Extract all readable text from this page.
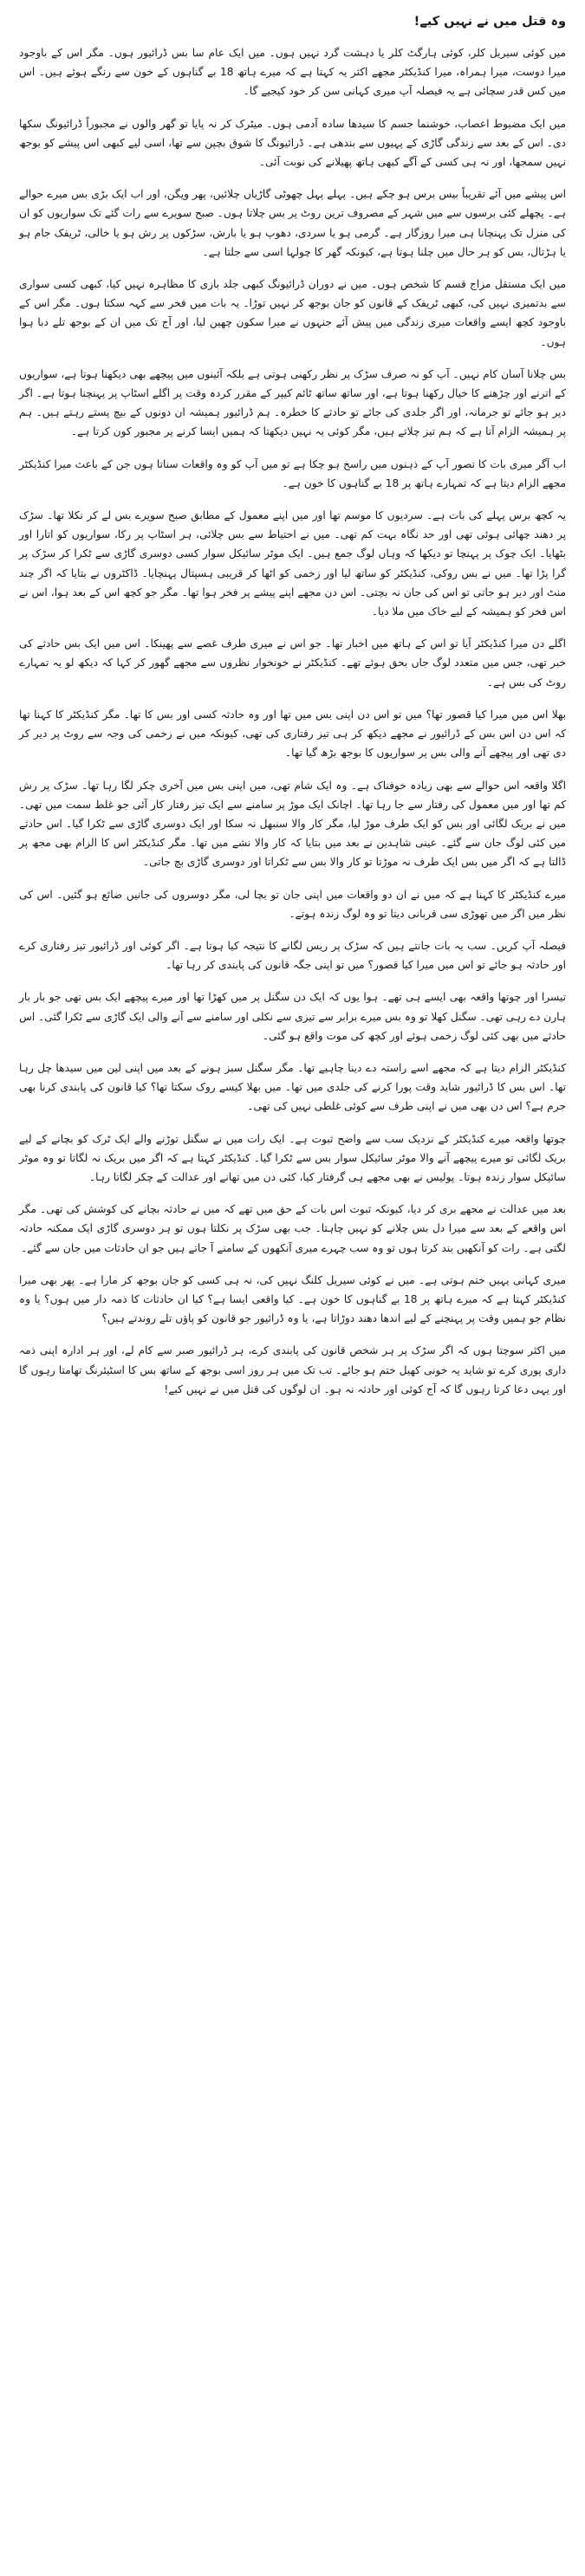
وہ قتل میں نے نہیں کیے!

میں کوئی سیریل کلر، کوئی ہارگٹ کلر یا دہشت گرد نہیں ہوں۔ میں ایک عام سا بس ڈرائیور ہوں۔ مگر اس کے باوجود میرا دوست، میرا ہمراہ، میرا کنڈیکٹر مجھے اکثر یہ کہتا ہے کہ میرے ہاتھ 18 بے گناہوں کے خون سے رنگے ہوئے ہیں۔ اس میں کس قدر سچائی ہے یہ فیصلہ آپ میری کہانی سن کر خود کیجیے گا۔

میں ایک مضبوط اعصاب، خوشنما جسم کا سیدھا سادہ آدمی ہوں۔ میٹرک کر نہ پایا تو گھر والوں نے مجبوراً ڈرائیونگ سکھا دی۔ اس کے بعد سے زندگی گاڑی کے پہیوں سے بندھی ہے۔ ڈرائیونگ کا شوق بچپن سے تھا، اسی لیے کبھی اس پیشے کو بوجھ نہیں سمجھا، اور نہ ہی کسی کے آگے کبھی ہاتھ پھیلانے کی نوبت آئی۔

اس پیشے میں آئے تقریباً بیس برس ہو چکے ہیں۔ پہلے پہل چھوٹی گاڑیاں چلائیں، پھر ویگن، اور اب ایک بڑی بس میرے حوالے ہے۔ پچھلے کئی برسوں سے میں شہر کے مصروف ترین روٹ پر بس چلاتا ہوں۔ صبح سویرے سے رات گئے تک سواریوں کو ان کی منزل تک پہنچانا ہی میرا روزگار ہے۔ گرمی ہو یا سردی، دھوپ ہو یا بارش، سڑکوں پر رش ہو یا خالی، ٹریفک جام ہو یا ہڑتال، بس کو ہر حال میں چلنا ہوتا ہے، کیونکہ گھر کا چولہا اسی سے جلتا ہے۔

میں ایک مستقل مزاج قسم کا شخص ہوں۔ میں نے دوران ڈرائیونگ کبھی جلد بازی کا مظاہرہ نہیں کیا، کبھی کسی سواری سے بدتمیزی نہیں کی، کبھی ٹریفک کے قانون کو جان بوجھ کر نہیں توڑا۔ یہ بات میں فخر سے کہہ سکتا ہوں۔ مگر اس کے باوجود کچھ ایسے واقعات میری زندگی میں پیش آئے جنہوں نے میرا سکون چھین لیا، اور آج تک میں ان کے بوجھ تلے دبا ہوا ہوں۔

بس چلانا آسان کام نہیں۔ آپ کو نہ صرف سڑک پر نظر رکھنی ہوتی ہے بلکہ آئینوں میں پیچھے بھی دیکھنا ہوتا ہے، سواریوں کے اترنے اور چڑھنے کا خیال رکھنا ہوتا ہے، اور ساتھ ساتھ ٹائم کیپر کے مقرر کردہ وقت پر اگلے اسٹاپ پر پہنچنا ہوتا ہے۔ اگر دیر ہو جائے تو جرمانہ، اور اگر جلدی کی جائے تو حادثے کا خطرہ۔ ہم ڈرائیور ہمیشہ ان دونوں کے بیچ پستے رہتے ہیں۔ ہم پر ہمیشہ الزام آتا ہے کہ ہم تیز چلاتے ہیں، مگر کوئی یہ نہیں دیکھتا کہ ہمیں ایسا کرنے پر مجبور کون کرتا ہے۔

اب آگر میری بات کا تصور آپ کے ذہنوں میں راسخ ہو چکا ہے تو میں آپ کو وہ واقعات سناتا ہوں جن کے باعث میرا کنڈیکٹر مجھے الزام دیتا ہے کہ تمہارے ہاتھ پر 18 بے گناہوں کا خون ہے۔

یہ کچھ برس پہلے کی بات ہے۔ سردیوں کا موسم تھا اور میں اپنے معمول کے مطابق صبح سویرے بس لے کر نکلا تھا۔ سڑک پر دھند چھائی ہوئی تھی اور حد نگاہ بہت کم تھی۔ میں نے احتیاط سے بس چلائی، ہر اسٹاپ پر رکا، سواریوں کو اتارا اور بٹھایا۔ ایک چوک پر پہنچا تو دیکھا کہ وہاں لوگ جمع ہیں۔ ایک موٹر سائیکل سوار کسی دوسری گاڑی سے ٹکرا کر سڑک پر گرا پڑا تھا۔ میں نے بس روکی، کنڈیکٹر کو ساتھ لیا اور زخمی کو اٹھا کر قریبی ہسپتال پہنچایا۔ ڈاکٹروں نے بتایا کہ اگر چند منٹ اور دیر ہو جاتی تو اس کی جان نہ بچتی۔ اس دن مجھے اپنے پیشے پر فخر ہوا تھا۔ مگر جو کچھ اس کے بعد ہوا، اس نے اس فخر کو ہمیشہ کے لیے خاک میں ملا دیا۔

اگلے دن میرا کنڈیکٹر آیا تو اس کے ہاتھ میں اخبار تھا۔ جو اس نے میری طرف غصے سے پھینکا۔ اس میں ایک بس حادثے کی خبر تھی، جس میں متعدد لوگ جاں بحق ہوئے تھے۔ کنڈیکٹر نے خونخوار نظروں سے مجھے گھور کر کہا کہ دیکھ لو یہ تمہارے روٹ کی بس ہے۔

بھلا اس میں میرا کیا قصور تھا؟ میں تو اس دن اپنی بس میں تھا اور وہ حادثہ کسی اور بس کا تھا۔ مگر کنڈیکٹر کا کہنا تھا کہ اس دن اس بس کے ڈرائیور نے مجھے دیکھ کر ہی تیز رفتاری کی تھی، کیونکہ میں نے زخمی کی وجہ سے روٹ پر دیر کر دی تھی اور پیچھے آنے والی بس پر سواریوں کا بوجھ بڑھ گیا تھا۔

اگلا واقعہ اس حوالے سے بھی زیادہ خوفناک ہے۔ وہ ایک شام تھی، میں اپنی بس میں آخری چکر لگا رہا تھا۔ سڑک پر رش کم تھا اور میں معمول کی رفتار سے جا رہا تھا۔ اچانک ایک موڑ پر سامنے سے ایک تیز رفتار کار آئی جو غلط سمت میں تھی۔ میں نے بریک لگائی اور بس کو ایک طرف موڑ لیا، مگر کار والا سنبھل نہ سکا اور ایک دوسری گاڑی سے ٹکرا گیا۔ اس حادثے میں کئی لوگ جان سے گئے۔ عینی شاہدین نے بعد میں بتایا کہ کار والا نشے میں تھا۔ مگر کنڈیکٹر اس کا الزام بھی مجھ پر ڈالتا ہے کہ اگر میں بس ایک طرف نہ موڑتا تو کار والا بس سے ٹکراتا اور دوسری گاڑی بچ جاتی۔

میرے کنڈیکٹر کا کہنا ہے کہ میں نے ان دو واقعات میں اپنی جان تو بچا لی، مگر دوسروں کی جانیں ضائع ہو گئیں۔ اس کی نظر میں اگر میں تھوڑی سی قربانی دیتا تو وہ لوگ زندہ ہوتے۔

فیصلہ آپ کریں۔ سب یہ بات جانتے ہیں کہ سڑک پر ریس لگانے کا نتیجہ کیا ہوتا ہے۔ اگر کوئی اور ڈرائیور تیز رفتاری کرے اور حادثہ ہو جائے تو اس میں میرا کیا قصور؟ میں تو اپنی جگہ قانون کی پابندی کر رہا تھا۔

تیسرا اور چوتھا واقعہ بھی ایسے ہی تھے۔ ہوا یوں کہ ایک دن سگنل پر میں کھڑا تھا اور میرے پیچھے ایک بس تھی جو بار بار ہارن دے رہی تھی۔ سگنل کھلا تو وہ بس میرے برابر سے تیزی سے نکلی اور سامنے سے آنے والی ایک گاڑی سے ٹکرا گئی۔ اس حادثے میں بھی کئی لوگ زخمی ہوئے اور کچھ کی موت واقع ہو گئی۔

کنڈیکٹر الزام دیتا ہے کہ مجھے اسے راستہ دے دینا چاہیے تھا۔ مگر سگنل سبز ہونے کے بعد میں اپنی لین میں سیدھا چل رہا تھا۔ اس بس کا ڈرائیور شاید وقت پورا کرنے کی جلدی میں تھا۔ میں بھلا کیسے روک سکتا تھا؟ کیا قانون کی پابندی کرنا بھی جرم ہے؟ اس دن بھی میں نے اپنی طرف سے کوئی غلطی نہیں کی تھی۔

چوتھا واقعہ میرے کنڈیکٹر کے نزدیک سب سے واضح ثبوت ہے۔ ایک رات میں نے سگنل توڑنے والے ایک ٹرک کو بچانے کے لیے بریک لگائی تو میرے پیچھے آنے والا موٹر سائیکل سوار بس سے ٹکرا گیا۔ کنڈیکٹر کہتا ہے کہ اگر میں بریک نہ لگاتا تو وہ موٹر سائیکل سوار زندہ ہوتا۔ پولیس نے بھی مجھے ہی گرفتار کیا، کئی دن میں تھانے اور عدالت کے چکر لگاتا رہا۔

بعد میں عدالت نے مجھے بری کر دیا، کیونکہ ثبوت اس بات کے حق میں تھے کہ میں نے حادثہ بچانے کی کوشش کی تھی۔ مگر اس واقعے کے بعد سے میرا دل بس چلانے کو نہیں چاہتا۔ جب بھی سڑک پر نکلتا ہوں تو ہر دوسری گاڑی ایک ممکنہ حادثہ لگتی ہے۔ رات کو آنکھیں بند کرتا ہوں تو وہ سب چہرے میری آنکھوں کے سامنے آ جاتے ہیں جو ان حادثات میں جان سے گئے۔

میری کہانی یہیں ختم ہوتی ہے۔ میں نے کوئی سیریل کلنگ نہیں کی، نہ ہی کسی کو جان بوجھ کر مارا ہے۔ پھر بھی میرا کنڈیکٹر کہتا ہے کہ میرے ہاتھ پر 18 بے گناہوں کا خون ہے۔ کیا واقعی ایسا ہے؟ کیا ان حادثات کا ذمہ دار میں ہوں؟ یا وہ نظام جو ہمیں وقت پر پہنچنے کے لیے اندھا دھند دوڑاتا ہے، یا وہ ڈرائیور جو قانون کو پاؤں تلے روندتے ہیں؟

میں اکثر سوچتا ہوں کہ اگر سڑک پر ہر شخص قانون کی پابندی کرے، ہر ڈرائیور صبر سے کام لے، اور ہر ادارہ اپنی ذمہ داری پوری کرے تو شاید یہ خونی کھیل ختم ہو جائے۔ تب تک میں ہر روز اسی بوجھ کے ساتھ بس کا اسٹیئرنگ تھامتا رہوں گا اور یہی دعا کرتا رہوں گا کہ آج کوئی اور حادثہ نہ ہو۔ ان لوگوں کی قتل میں نے نہیں کیے!
